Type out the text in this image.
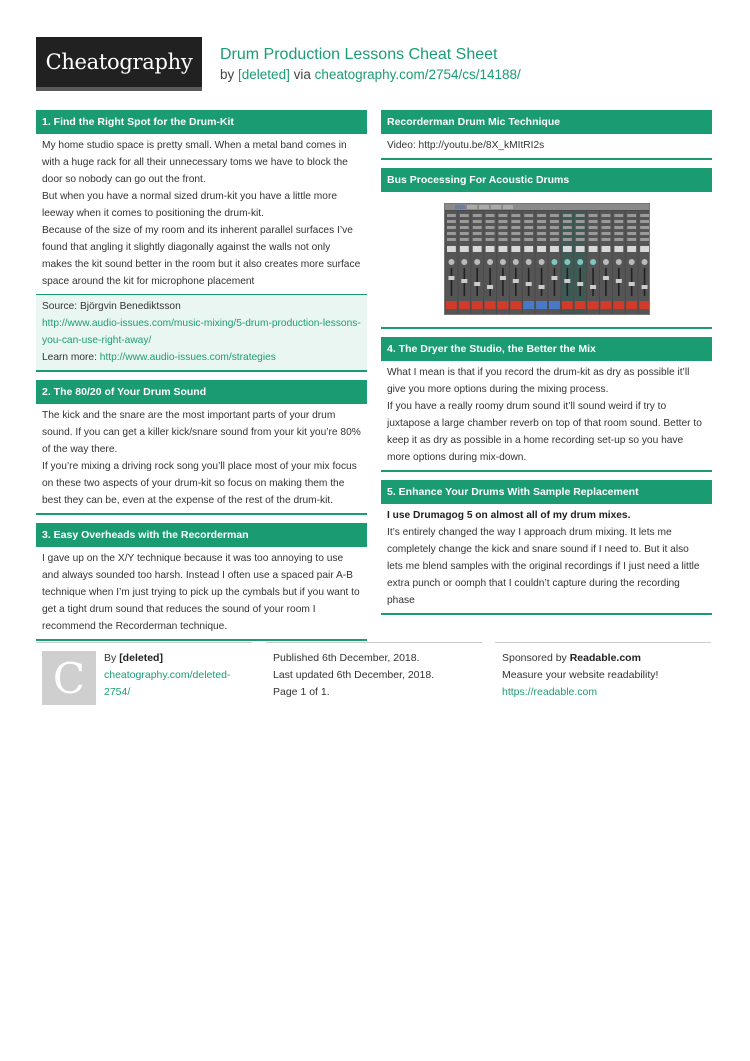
Cheatography Drum Production Lessons Cheat Sheet
by [deleted] via cheatography.com/2754/cs/14188/
1. Find the Right Spot for the Drum-Kit
My home studio space is pretty small. When a metal band comes in with a huge rack for all their unnecessary toms we have to block the door so nobody can go out the front.
But when you have a normal sized drum-kit you have a little more leeway when it comes to positioning the drum-kit.
Because of the size of my room and its inherent parallel surfaces I’ve found that angling it slightly diagonally against the walls not only makes the kit sound better in the room but it also creates more surface space around the kit for microphone placement
Source: Björgvin Benediktsson
http://www.audio-issues.com/music-mixing/5-drum-production-lessons-you-can-use-right-away/
Learn more: http://www.audio-issues.com/strategies
2. The 80/20 of Your Drum Sound
The kick and the snare are the most important parts of your drum sound. If you can get a killer kick/snare sound from your kit you’re 80% of the way there.
If you’re mixing a driving rock song you’ll place most of your mix focus on these two aspects of your drum-kit so focus on making them the best they can be, even at the expense of the rest of the drum-kit.
3. Easy Overheads with the Recorderman
I gave up on the X/Y technique because it was too annoying to use and always sounded too harsh. Instead I often use a spaced pair A-B technique when I’m just trying to pick up the cymbals but if you want to get a tight drum sound that reduces the sound of your room I recommend the Recorderman technique.
Recorderman Drum Mic Technique
Video: http://youtu.be/8X_kMItRI2s
Bus Processing For Acoustic Drums
4. The Dryer the Studio, the Better the Mix
What I mean is that if you record the drum-kit as dry as possible it’ll give you more options during the mixing process.
If you have a really roomy drum sound it’ll sound weird if try to juxtapose a large chamber reverb on top of that room sound. Better to keep it as dry as possible in a home recording set-up so you have more options during mix-down.
5. Enhance Your Drums With Sample Replacement
I use Drumagog 5 on almost all of my drum mixes.
It’s entirely changed the way I approach drum mixing. It lets me completely change the kick and snare sound if I need to. But it also lets me blend samples with the original recordings if I just need a little extra punch or oomph that I couldn’t capture during the recording phase
C By [deleted]
cheatography.com/deleted-
2754/
Published 6th December, 2018.
Last updated 6th December, 2018.
Page 1 of 1.
Sponsored by Readable.com
Measure your website readability!
https://readable.com
